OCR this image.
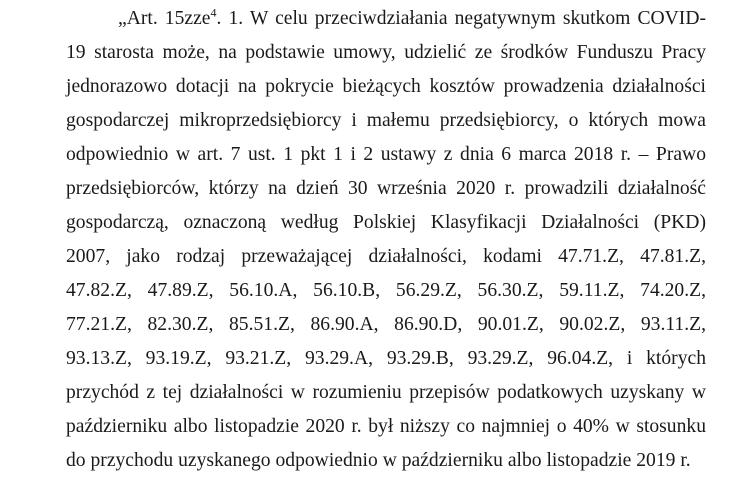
„Art. 15zze$^4$. 1. W celu przeciwdziałania negatywnym skutkom COVID-
19 starosta może, na podstawie umowy, udzielić ze środków Funduszu Pracy
jednorazowo dotacji na pokrycie bieżących kosztów prowadzenia działalności
gospodarczej mikroprzedsiębiorcy i małemu przedsiębiorcy, o których mowa
odpowiednio w art. 7 ust. 1 pkt 1 i 2 ustawy z dnia 6 marca 2018 r. – Prawo
przedsiębiorców, którzy na dzień 30 września 2020 r. prowadzili działalność
gospodarczą, oznaczoną według Polskiej Klasyfikacji Działalności (PKD)
2007, jako rodzaj przeważającej działalności, kodami 47.71.Z, 47.81.Z,
47.82.Z, 47.89.Z, 56.10.A, 56.10.B, 56.29.Z, 56.30.Z, 59.11.Z, 74.20.Z,
77.21.Z, 82.30.Z, 85.51.Z, 86.90.A, 86.90.D, 90.01.Z, 90.02.Z, 93.11.Z,
93.13.Z, 93.19.Z, 93.21.Z, 93.29.A, 93.29.B, 93.29.Z, 96.04.Z, i których
przychód z tej działalności w rozumieniu przepisów podatkowych uzyskany w
październiku albo listopadzie 2020 r. był niższy co najmniej o 40% w stosunku
do przychodu uzyskanego odpowiednio w październiku albo listopadzie 2019 r.
